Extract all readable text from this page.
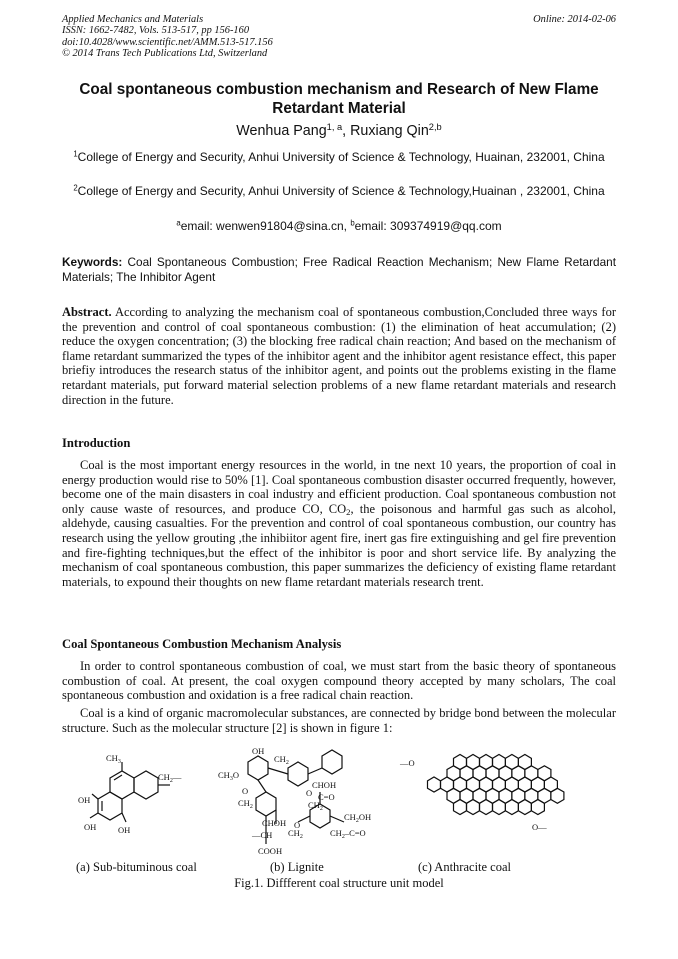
Applied Mechanics and Materials
ISSN: 1662-7482, Vols. 513-517, pp 156-160
doi:10.4028/www.scientific.net/AMM.513-517.156
© 2014 Trans Tech Publications Ltd, Switzerland
Online: 2014-02-06
Coal spontaneous combustion mechanism and Research of New Flame Retardant Material
Wenhua Pang$^{1, a}$, Ruxiang Qin$^{2,b}$
$^1$College of Energy and Security, Anhui University of Science & Technology, Huainan, 232001, China
$^2$College of Energy and Security, Anhui University of Science & Technology,Huainan , 232001, China
$^a$email: wenwen91804@sina.cn, $^b$email: 309374919@qq.com
Keywords: Coal Spontaneous Combustion; Free Radical Reaction Mechanism; New Flame Retardant Materials; The Inhibitor Agent
Abstract. According to analyzing the mechanism coal of spontaneous combustion,Concluded three ways for the prevention and control of coal spontaneous combustion: (1) the elimination of heat accumulation; (2) reduce the oxygen concentration; (3) the blocking free radical chain reaction; And based on the mechanism of flame retardant summarized the types of the inhibitor agent and the inhibitor agent resistance effect, this paper briefiy introduces the research status of the inhibitor agent, and points out the problems existing in the flame retardant materials, put forward material selection problems of a new flame retardant materials and research direction in the future.
Introduction
Coal is the most important energy resources in the world, in tne next 10 years, the proportion of coal in energy production would rise to 50% [1]. Coal spontaneous combustion disaster occurred frequently, however, become one of the main disasters in coal industry and efficient production. Coal spontaneous combustion not only cause waste of resources, and produce CO, $CO_2$, the poisonous and harmful gas such as alcohol, aldehyde, causing casualties. For the prevention and control of coal spontaneous combustion, our country has research using the yellow grouting ,the inhibiitor agent fire, inert gas fire extinguishing and gel fire prevention and fire-fighting techniques,but the effect of the inhibitor is poor and short service life. By analyzing the mechanism of coal spontaneous combustion, this paper summarizes the deficiency of existing flame retardant materials, to expound their thoughts on new flame retardant materials research trent.
Coal Spontaneous Combustion Mechanism Analysis
In order to control spontaneous combustion of coal, we must start from the basic theory of spontaneous combustion of coal. At present, the coal oxygen compound theory accepted by many scholars, The coal spontaneous combustion and oxidation is a free radical chain reaction.
Coal is a kind of organic macromolecular substances, are connected by bridge bond between the molecular structure. Such as the molecular structure [2] is shown in figure 1:
$CH_3$
OH
OH	OH
$CH_2—$
OH
$CH_3O$
$CH_2$
O
CHOH
C=O
$CH_2$
O
$CH_2$
CHOH
—CH
COOH
$CH_2OH$
$CH_2-C=O$
$CH_2$
O
—O
O—
(a) Sub-bituminous coal	(b) Lignite	(c) Anthracite coal
Fig.1. Diffferent coal structure unit model
